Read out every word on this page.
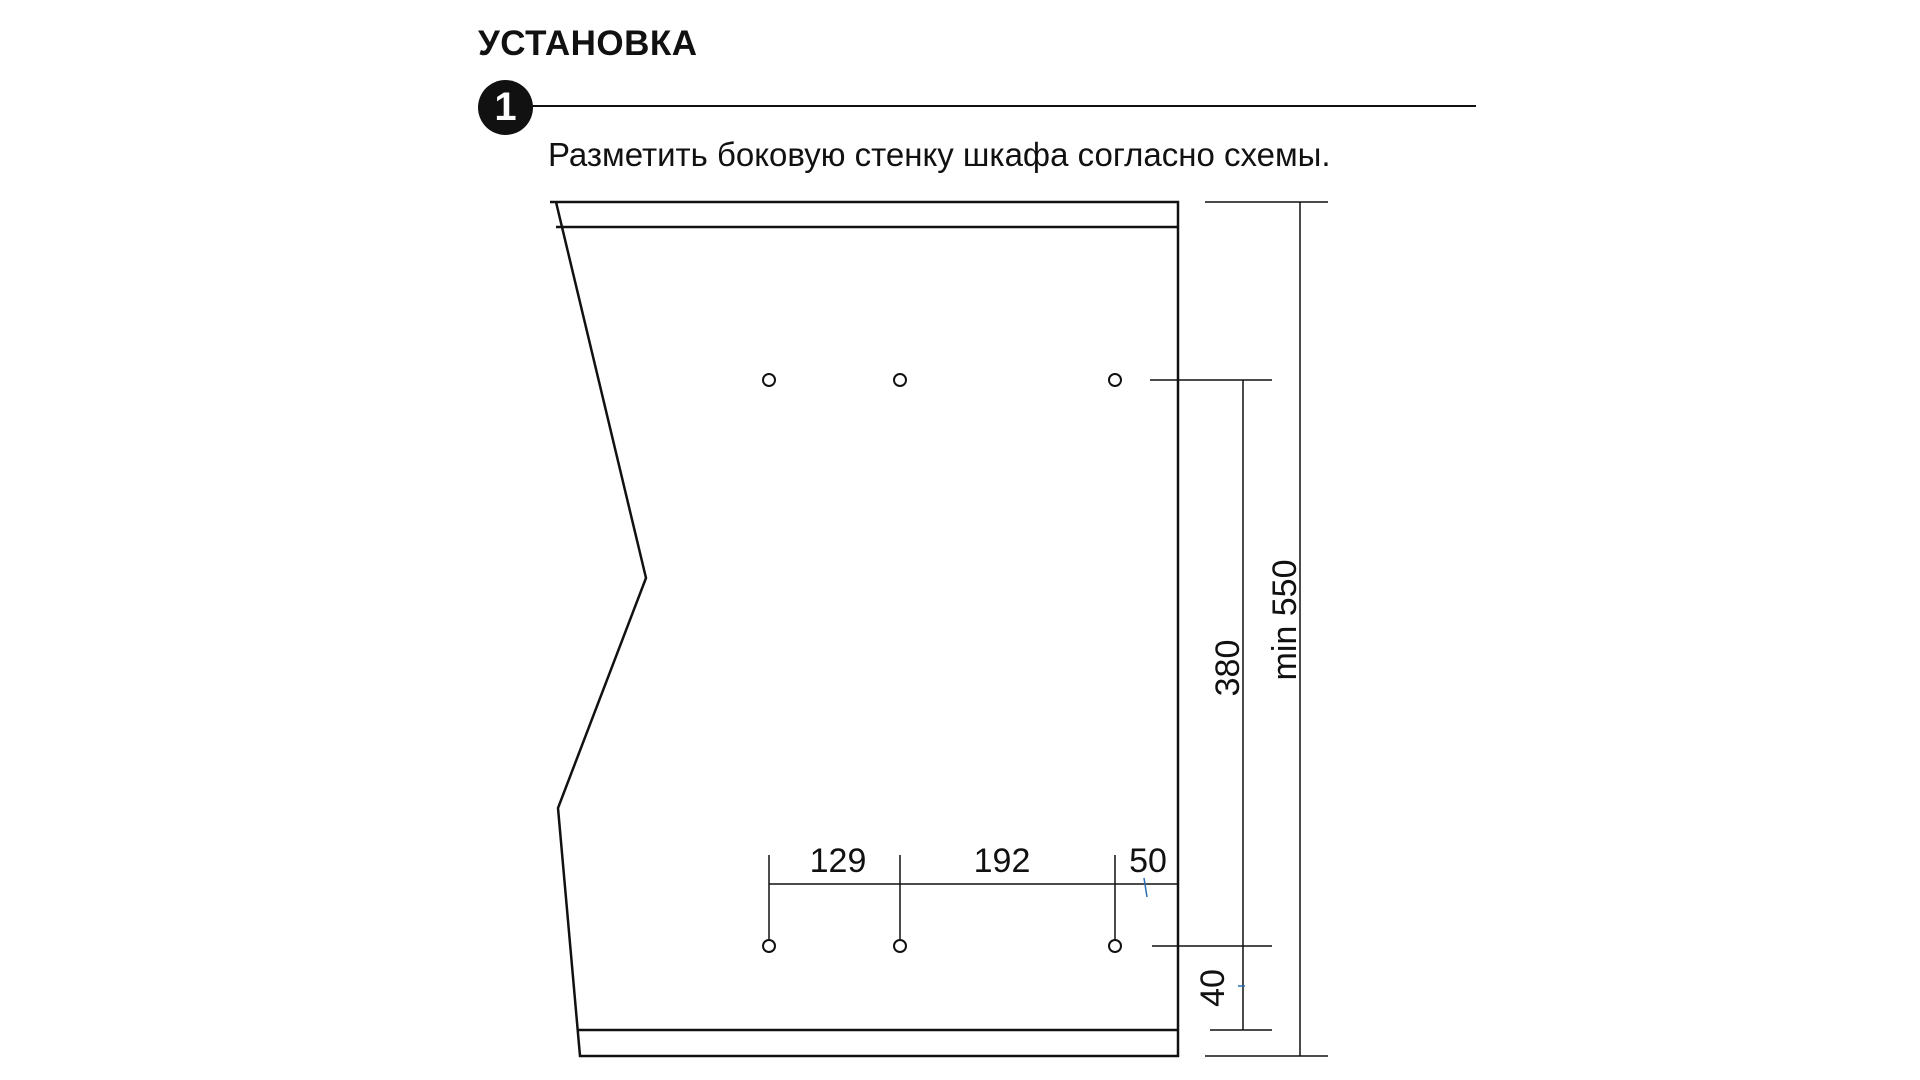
УСТАНОВКА
1
Разметить боковую стенку шкафа согласно схемы.
129	192	50
380
40
min 550
